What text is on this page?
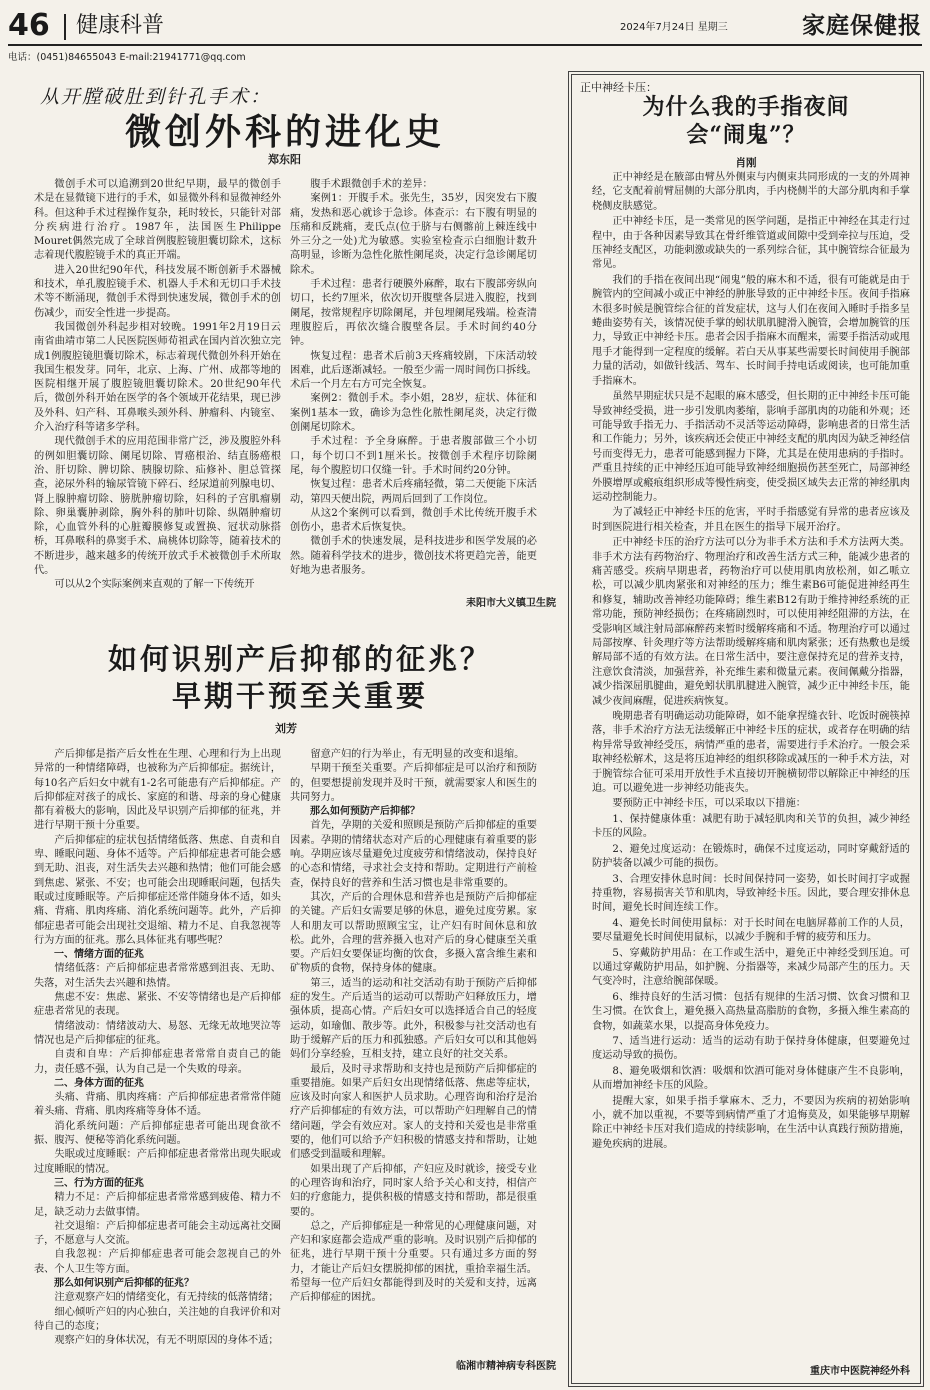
46 健康科普	2024年7月24日 星期三	家庭保健报
电话：(0451)84655043 E-mail:21941771@qq.com
从开膛破肚到针孔手术：
微创外科的进化史
郑东阳

微创手术可以追溯到20世纪早期，最早的微创手术是在显微镜下进行的手术，如显微外科和显微神经外科。但这种手术过程操作复杂，耗时较长，只能针对部分疾病进行治疗。1987年，法国医生Philippe Mouret偶然完成了全球首例腹腔镜胆囊切除术，这标志着现代腹腔镜手术的真正开端。

进入20世纪90年代，科技发展不断创新手术器械和技术，单孔腹腔镜手术、机器人手术和无切口手术技术等不断涌现，微创手术得到快速发展，微创手术的创伤减少，而安全性进一步提高。

我国微创外科起步相对较晚。1991年2月19日云南省曲靖市第二人民医院医师荀祖武在国内首次独立完成1例腹腔镜胆囊切除术，标志着现代微创外科开始在我国生根发芽。同年，北京、上海、广州、成都等地的医院相继开展了腹腔镜胆囊切除术。20世纪90年代后，微创外科开始在医学的各个领域开花结果，现已涉及外科、妇产科、耳鼻喉头颈外科、肿瘤科、内镜室、介入治疗科等诸多学科。

现代微创手术的应用范围非常广泛，涉及腹腔外科的例如胆囊切除、阑尾切除、胃癌根治、结直肠癌根治、肝切除、脾切除、胰腺切除、疝修补、胆总管探查，泌尿外科的输尿管镜下碎石、经尿道前列腺电切、肾上腺肿瘤切除、膀胱肿瘤切除，妇科的子宫肌瘤剔除、卵巢囊肿剥除，胸外科的肺叶切除、纵隔肿瘤切除，心血管外科的心脏瓣膜修复或置换、冠状动脉搭桥，耳鼻喉科的鼻窦手术、扁桃体切除等，随着技术的不断进步，越来越多的传统开放式手术被微创手术所取代。

可以从2个实际案例来直观的了解一下传统开

腹手术跟微创手术的差异：

案例1：开腹手术。张先生，35岁，因突发右下腹痛，发热和恶心就诊于急诊。体查示：右下腹有明显的压痛和反跳痛，麦氏点(位于脐与右侧髂前上棘连线中外三分之一处)尤为敏感。实验室检查示白细胞计数升高明显，诊断为急性化脓性阑尾炎，决定行急诊阑尾切除术。

手术过程：患者行硬膜外麻醉，取右下腹部旁纵向切口，长约7厘米，依次切开腹壁各层进入腹腔，找到阑尾，按常规程序切除阑尾，并包埋阑尾残端。检查清理腹腔后，再依次缝合腹壁各层。手术时间约40分钟。

恢复过程：患者术后前3天疼痛较剧，下床活动较困难，此后逐渐减轻。一般至少需一周时间伤口拆线。术后一个月左右方可完全恢复。

案例2：微创手术。李小姐，28岁，症状、体征和案例1基本一致，确诊为急性化脓性阑尾炎，决定行微创阑尾切除术。

手术过程：予全身麻醉。于患者腹部做三个小切口，每个切口不到1厘米长。按微创手术程序切除阑尾，每个腹腔切口仅缝一针。手术时间约20分钟。

恢复过程：患者术后疼痛轻微，第二天便能下床活动，第四天便出院，两周后回到了工作岗位。

从这2个案例可以看到，微创手术比传统开腹手术创伤小，患者术后恢复快。

微创手术的快速发展，是科技进步和医学发展的必然。随着科学技术的进步，微创技术将更趋完善，能更好地为患者服务。

耒阳市大义镇卫生院
如何识别产后抑郁的征兆？
早期干预至关重要
刘芳

产后抑郁是指产后女性在生理、心理和行为上出现异常的一种情绪障碍，也被称为产后抑郁症。据统计，每10名产后妇女中就有1-2名可能患有产后抑郁症。产后抑郁症对孩子的成长、家庭的和谐、母亲的身心健康都有着极大的影响，因此及早识别产后抑郁的征兆，并进行早期干预十分重要。

产后抑郁症的症状包括情绪低落、焦虑、自责和自卑、睡眠问题、身体不适等。产后抑郁症患者可能会感到无助、沮丧，对生活失去兴趣和热情；他们可能会感到焦虑、紧张、不安；也可能会出现睡眠问题，包括失眠或过度睡眠等。产后抑郁症还常伴随身体不适，如头痛、背痛、肌肉疼痛、消化系统问题等。此外，产后抑郁症患者可能会出现社交退缩、精力不足、自我忽视等行为方面的征兆。那么具体征兆有哪些呢？

一、情绪方面的征兆

情绪低落：产后抑郁症患者常常感到沮丧、无助、失落，对生活失去兴趣和热情。

焦虑不安：焦虑、紧张、不安等情绪也是产后抑郁症患者常见的表现。

情绪波动：情绪波动大、易怒、无缘无故地哭泣等情况也是产后抑郁症的征兆。

自责和自卑：产后抑郁症患者常常自责自己的能力，责任感不强，认为自己是一个失败的母亲。

二、身体方面的征兆

头痛、背痛、肌肉疼痛：产后抑郁症患者常常伴随着头痛、背痛、肌肉疼痛等身体不适。

消化系统问题：产后抑郁症患者可能出现食欲不振、腹泻、便秘等消化系统问题。

失眠或过度睡眠：产后抑郁症患者常常出现失眠或过度睡眠的情况。

三、行为方面的征兆

精力不足：产后抑郁症患者常常感到疲倦、精力不足，缺乏动力去做事情。

社交退缩：产后抑郁症患者可能会主动远离社交圈子，不愿意与人交流。

自我忽视：产后抑郁症患者可能会忽视自己的外表、个人卫生等方面。

那么如何识别产后抑郁的征兆？

注意观察产妇的情绪变化，有无持续的低落情绪；

细心倾听产妇的内心独白，关注她的自我评价和对待自己的态度；

观察产妇的身体状况，有无不明原因的身体不适；

留意产妇的行为举止，有无明显的改变和退缩。

早期干预至关重要。产后抑郁症是可以治疗和预防的，但要想提前发现并及时干预，就需要家人和医生的共同努力。

那么如何预防产后抑郁？

首先，孕期的关爱和照顾是预防产后抑郁症的重要因素。孕期的情绪状态对产后的心理健康有着重要的影响。孕期应该尽量避免过度疲劳和情绪波动，保持良好的心态和情绪，寻求社会支持和帮助。定期进行产前检查，保持良好的营养和生活习惯也是非常重要的。

其次，产后的合理休息和营养也是预防产后抑郁症的关键。产后妇女需要足够的休息，避免过度劳累。家人和朋友可以帮助照顾宝宝，让产妇有时间休息和放松。此外，合理的营养摄入也对产后的身心健康至关重要。产后妇女要保证均衡的饮食，多摄入富含维生素和矿物质的食物，保持身体的健康。

第三，适当的运动和社交活动有助于预防产后抑郁症的发生。产后适当的运动可以帮助产妇释放压力，增强体质，提高心情。产后妇女可以选择适合自己的轻度运动，如瑜伽、散步等。此外，积极参与社交活动也有助于缓解产后的压力和孤独感。产后妇女可以和其他妈妈们分享经验，互相支持，建立良好的社交关系。

最后，及时寻求帮助和支持也是预防产后抑郁症的重要措施。如果产后妇女出现情绪低落、焦虑等症状，应该及时向家人和医护人员求助。心理咨询和治疗是治疗产后抑郁症的有效方法，可以帮助产妇理解自己的情绪问题，学会有效应对。家人的支持和关爱也是非常重要的，他们可以给予产妇积极的情感支持和帮助，让她们感受到温暖和理解。

如果出现了产后抑郁，产妇应及时就诊，接受专业的心理咨询和治疗，同时家人给予关心和支持，相信产妇的疗愈能力，提供积极的情感支持和帮助，都是很重要的。

总之，产后抑郁症是一种常见的心理健康问题，对产妇和家庭都会造成严重的影响。及时识别产后抑郁的征兆，进行早期干预十分重要。只有通过多方面的努力，才能让产后妇女摆脱抑郁的困扰，重拾幸福生活。希望每一位产后妇女都能得到及时的关爱和支持，远离产后抑郁症的困扰。

临湘市精神病专科医院
正中神经卡压：
为什么我的手指夜间
会“闹鬼”？
肖刚

正中神经是在腋部由臂丛外侧束与内侧束共同形成的一支的外周神经，它支配着前臂屈侧的大部分肌肉，手内桡侧半的大部分肌肉和手掌桡侧皮肤感觉。

正中神经卡压，是一类常见的医学问题，是指正中神经在其走行过程中，由于各种因素导致其在骨纤维管道或间隙中受到牵拉与压迫，受压神经支配区，功能刺激或缺失的一系列综合征，其中腕管综合征最为常见。

我们的手指在夜间出现“闹鬼”般的麻木和不适，很有可能就是由于腕管内的空间减小或正中神经的肿胀导致的正中神经卡压。夜间手指麻木很多时候是腕管综合征的首发症状，这与人们在夜间入睡时手指多呈蜷曲姿势有关，该情况使手掌的蚓状肌肌腱滑入腕管，会增加腕管的压力，导致正中神经卡压。患者会因手指麻木而醒来，需要手指活动或甩甩手才能得到一定程度的缓解。若白天从事某些需要长时间使用手腕部力量的活动，如做针线活、驾车、长时间手持电话或阅读，也可能加重手指麻木。

虽然早期症状只是不起眼的麻木感受，但长期的正中神经卡压可能导致神经受损，进一步引发肌肉萎缩，影响手部肌肉的功能和外观；还可能导致手指无力、手指活动不灵活等运动障碍，影响患者的日常生活和工作能力；另外，该疾病还会使正中神经支配的肌肉因为缺乏神经信号而变得无力，患者可能感到握力下降，尤其是在使用患病的手指时。严重且持续的正中神经压迫可能导致神经细胞损伤甚至死亡，局部神经外膜增厚或瘢痕组织形成等慢性病变，使受损区域失去正常的神经肌肉运动控制能力。

为了减轻正中神经卡压的危害，平时手指感觉有异常的患者应该及时到医院进行相关检查，并且在医生的指导下展开治疗。

正中神经卡压的治疗方法可以分为非手术方法和手术方法两大类。非手术方法有药物治疗、物理治疗和改善生活方式三种，能减少患者的痛苦感受。疾病早期患者，药物治疗可以使用肌肉放松剂，如乙哌立松，可以减少肌肉紧张和对神经的压力；维生素B6可能促进神经再生和修复，辅助改善神经功能障碍；维生素B12有助于维持神经系统的正常功能，预防神经损伤；在疼痛剧烈时，可以使用神经阻滞的方法，在受影响区域注射局部麻醉药来暂时缓解疼痛和不适。物理治疗可以通过局部按摩、针灸理疗等方法帮助缓解疼痛和肌肉紧张；还有热敷也是缓解局部不适的有效方法。在日常生活中，要注意保持充足的营养支持，注意饮食清淡，加强营养，补充维生素和微量元素。夜间佩戴分指器，减少指深屈肌腱曲，避免蚓状肌肌腱进入腕管，减少正中神经卡压，能减少夜间麻醒，促进疾病恢复。

晚期患者有明确运动功能障碍，如不能拿捏缝衣针、吃饭时碗筷掉落，非手术治疗方法无法缓解正中神经卡压的症状，或者存在明确的结构异常导致神经受压，病情严重的患者，需要进行手术治疗。一般会采取神经松解术，这是将压迫神经的组织移除或减压的一种手术方法，对于腕管综合征可采用开放性手术直接切开腕横韧带以解除正中神经的压迫。可以避免进一步神经功能丧失。

要预防正中神经卡压，可以采取以下措施：

1、保持健康体重：减肥有助于减轻肌肉和关节的负担，减少神经卡压的风险。

2、避免过度运动：在锻炼时，确保不过度运动，同时穿戴舒适的防护装备以减少可能的损伤。

3、合理安排休息时间：长时间保持同一姿势，如长时间打字或握持重物，容易损害关节和肌肉，导致神经卡压。因此，要合理安排休息时间，避免长时间连续工作。

4、避免长时间使用鼠标：对于长时间在电脑屏幕前工作的人员，要尽量避免长时间使用鼠标，以减少手腕和手臂的疲劳和压力。

5、穿戴防护用品：在工作或生活中，避免正中神经受到压迫。可以通过穿戴防护用品，如护腕、分指器等，来减少局部产生的压力。天气变冷时，注意给腕部保暖。

6、维持良好的生活习惯：包括有规律的生活习惯、饮食习惯和卫生习惯。在饮食上，避免摄入高热量高脂肪的食物，多摄入维生素高的食物，如蔬菜水果，以提高身体免疫力。

7、适当进行运动：适当的运动有助于保持身体健康，但要避免过度运动导致的损伤。

8、避免吸烟和饮酒：吸烟和饮酒可能对身体健康产生不良影响，从而增加神经卡压的风险。

提醒大家，如果手指手掌麻木、乏力，不要因为疾病的初始影响小，就不加以重视，不要等到病情严重了才追悔莫及，如果能够早期解除正中神经卡压对我们造成的持续影响，在生活中认真践行预防措施，避免疾病的进展。

重庆市中医院神经外科
